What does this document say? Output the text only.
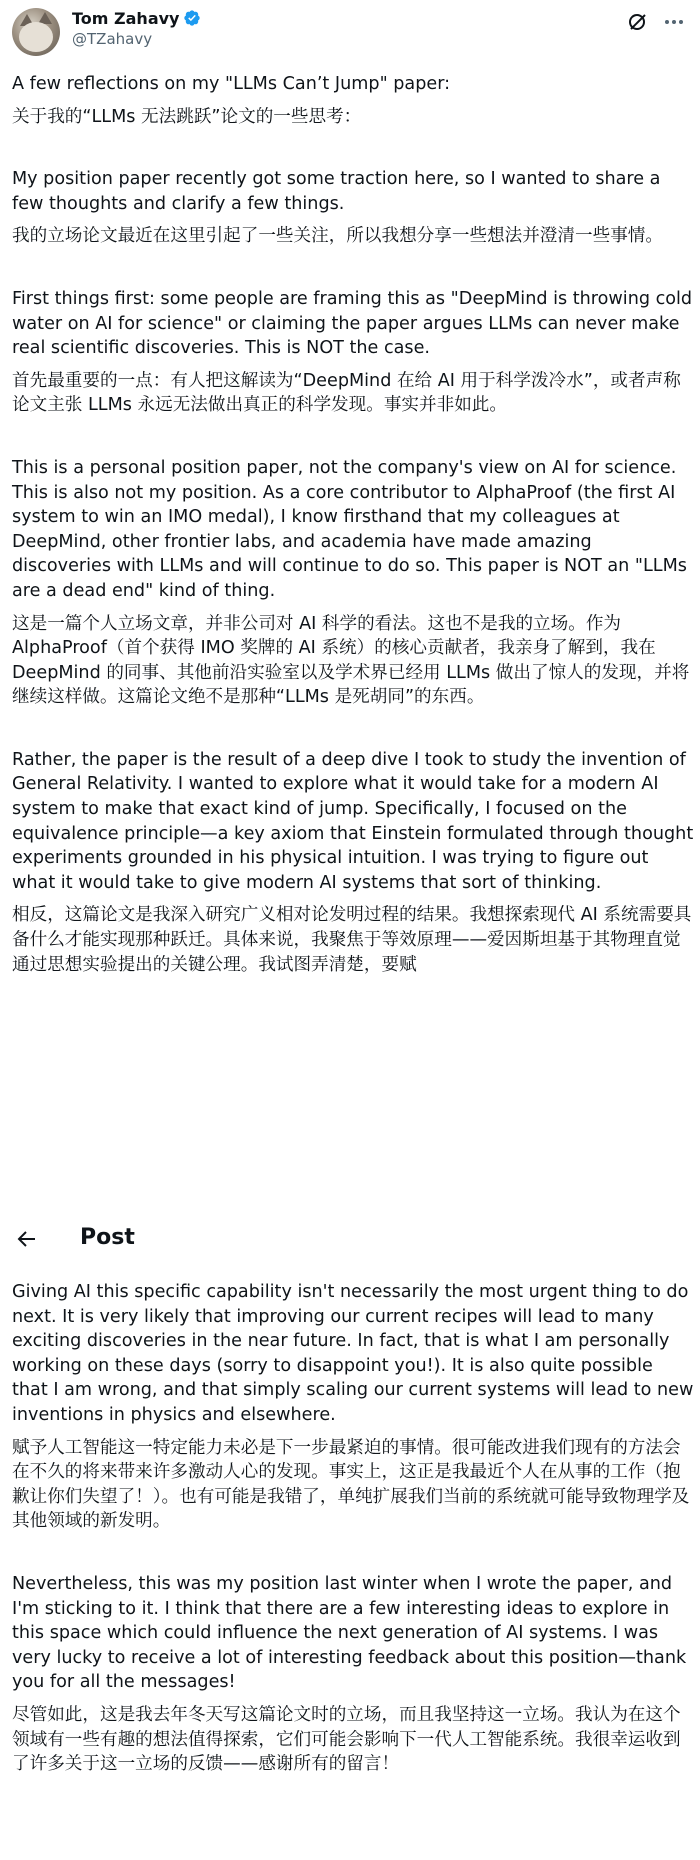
Tom Zahavy
@TZahavy

A few reflections on my "LLMs Can’t Jump" paper:

关于我的“LLMs 无法跳跃”论文的一些思考：

My position paper recently got some traction here, so I wanted to share a few thoughts and clarify a few things.

我的立场论文最近在这里引起了一些关注，所以我想分享一些想法并澄清一些事情。

First things first: some people are framing this as "DeepMind is throwing cold water on AI for science" or claiming the paper argues LLMs can never make real scientific discoveries. This is NOT the case.

首先最重要的一点：有人把这解读为“DeepMind 在给 AI 用于科学泼冷水”，或者声称论文主张 LLMs 永远无法做出真正的科学发现。事实并非如此。

This is a personal position paper, not the company's view on AI for science. This is also not my position. As a core contributor to AlphaProof (the first AI system to win an IMO medal), I know firsthand that my colleagues at DeepMind, other frontier labs, and academia have made amazing discoveries with LLMs and will continue to do so. This paper is NOT an "LLMs are a dead end" kind of thing.

这是一篇个人立场文章，并非公司对 AI 科学的看法。这也不是我的立场。作为 AlphaProof（首个获得 IMO 奖牌的 AI 系统）的核心贡献者，我亲身了解到，我在 DeepMind 的同事、其他前沿实验室以及学术界已经用 LLMs 做出了惊人的发现，并将继续这样做。这篇论文绝不是那种“LLMs 是死胡同”的东西。

Rather, the paper is the result of a deep dive I took to study the invention of General Relativity. I wanted to explore what it would take for a modern AI system to make that exact kind of jump. Specifically, I focused on the equivalence principle—a key axiom that Einstein formulated through thought experiments grounded in his physical intuition. I was trying to figure out what it would take to give modern AI systems that sort of thinking.

相反，这篇论文是我深入研究广义相对论发明过程的结果。我想探索现代 AI 系统需要具备什么才能实现那种跃迁。具体来说，我聚焦于等效原理——爱因斯坦基于其物理直觉通过思想实验提出的关键公理。我试图弄清楚，要赋

Post

Giving AI this specific capability isn't necessarily the most urgent thing to do next. It is very likely that improving our current recipes will lead to many exciting discoveries in the near future. In fact, that is what I am personally working on these days (sorry to disappoint you!). It is also quite possible that I am wrong, and that simply scaling our current systems will lead to new inventions in physics and elsewhere.

赋予人工智能这一特定能力未必是下一步最紧迫的事情。很可能改进我们现有的方法会在不久的将来带来许多激动人心的发现。事实上，这正是我最近个人在从事的工作（抱歉让你们失望了！）。也有可能是我错了，单纯扩展我们当前的系统就可能导致物理学及其他领域的新发明。

Nevertheless, this was my position last winter when I wrote the paper, and I'm sticking to it. I think that there are a few interesting ideas to explore in this space which could influence the next generation of AI systems. I was very lucky to receive a lot of interesting feedback about this position—thank you for all the messages!

尽管如此，这是我去年冬天写这篇论文时的立场，而且我坚持这一立场。我认为在这个领域有一些有趣的想法值得探索，它们可能会影响下一代人工智能系统。我很幸运收到了许多关于这一立场的反馈——感谢所有的留言！
